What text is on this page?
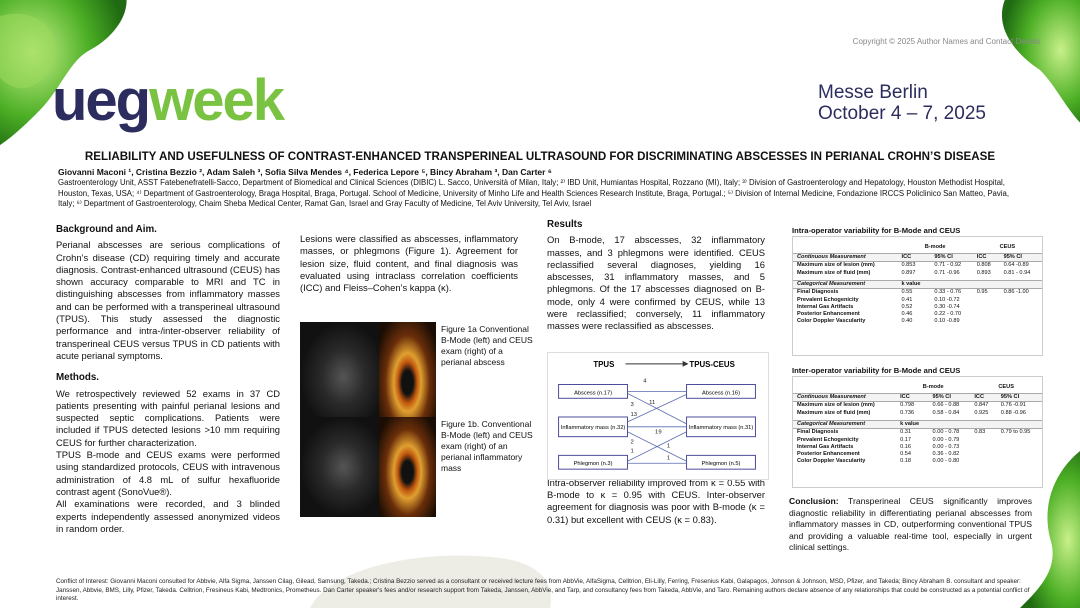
Copyright © 2025 Author Names and Contact Details
uegweek	Messe Berlin
October 4 – 7, 2025
RELIABILITY AND USEFULNESS OF CONTRAST-ENHANCED TRANSPERINEAL ULTRASOUND FOR DISCRIMINATING ABSCESSES IN PERIANAL CROHN’S DISEASE
Giovanni Maconi ¹, Cristina Bezzio ², Adam Saleh ³, Sofia Silva Mendes ⁴, Federica Lepore ⁵, Bincy Abraham ³, Dan Carter ⁶
Gastroenterology Unit, ASST Fatebenefratelli-Sacco, Department of Biomedical and Clinical Sciences (DIBIC) L. Sacco, Università of Milan, Italy; ²⁾ IBD Unit, Humiantas Hospital, Rozzano (MI), Italy; ³⁾ Division of Gastroenterology and Hepatology, Houston Methodist Hospital, Houston, Texas, USA; ⁴⁾ Department of Gastroenterology, Braga Hospital, Braga, Portugal. School of Medicine, University of Minho Life and Health Sciences Research Institute, Braga, Portugal.; ⁵⁾ Division of Internal Medicine, Fondazione IRCCS Policlinico San Matteo, Pavia, Italy; ⁶⁾ Department of Gastroenterology, Chaim Sheba Medical Center, Ramat Gan, Israel and Gray Faculty of Medicine, Tel Aviv University, Tel Aviv, Israel
Background and Aim.

Perianal abscesses are serious complications of Crohn’s disease (CD) requiring timely and accurate diagnosis. Contrast-enhanced ultrasound (CEUS) has shown accuracy comparable to MRI and TC in distinguishing abscesses from inflammatory masses and can be performed with a transperineal ultrasound (TPUS). This study assessed the diagnostic performance and intra-/inter-observer reliability of transperineal CEUS versus TPUS in CD patients with acute perianal symptoms.

Methods.

We retrospectively reviewed 52 exams in 37 CD patients presenting with painful perianal lesions and suspected septic complications. Patients were included if TPUS detected lesions >10 mm requiring CEUS for further characterization.

TPUS B-mode and CEUS exams were performed using standardized protocols, CEUS with intravenous administration of 4.8 mL of sulfur hexafluoride contrast agent (SonoVue®).

All examinations were recorded, and 3 blinded experts independently assessed anonymized videos in random order.

Lesions were classified as abscesses, inflammatory masses, or phlegmons (Figure 1). Agreement for lesion size, fluid content, and final diagnosis was evaluated using intraclass correlation coefficients (ICC) and Fleiss–Cohen’s kappa (κ).

Figure 1a Conventional B-Mode (left) and CEUS exam (right) of a perianal abscess
Figure 1b. Conventional B-Mode (left) and CEUS exam (right) of an perianal inflammatory mass
Results

On B-mode, 17 abscesses, 32 inflammatory masses, and 3 phlegmons were identified. CEUS reclassified several diagnoses, yielding 16 abscesses, 31 inflammatory masses, and 5 phlegmons. Of the 17 abscesses diagnosed on B-mode, only 4 were confirmed by CEUS, while 13 were reclassified; conversely, 11 inflammatory masses were reclassified as abscesses.

Intra-observer reliability improved from κ = 0.55 with B-mode to κ = 0.95 with CEUS. Inter-observer agreement for diagnosis was poor with B-mode (κ = 0.31) but excellent with CEUS (κ = 0.83).

TPUS	TPUS-CEUS
Abscess (n.17)
Inflammatory mass (n.32)
Phlegmon (n.3)
Abscess (n.16)
Inflammatory mass (n.31)
Phlegmon (n.5)
4
11
3
13
19
2
1
1
1
Intra-operator variability for B-Mode and CEUS
	B-mode		CEUS	
Continuous Measurement	ICC	95% CI	ICC	95% CI
Maximum size of lesion (mm)	0.853	0.71 - 0.92	0.808	0.64 -0.89
Maximum size of fluid (mm)	0.897	0.71 -0.96	0.893	0.81 - 0.94

Categorical Measurement	k value			
Final Diagnosis	0.55	0.33 - 0.76	0.95	0.86 -1.00
Prevalent Echogenicity	0.41	0.10 -0.72		
Internal Gas Artifacts	0.52	0.30 -0.74		
Posterior Enhancement	0.46	0.22 - 0.70		
Color Doppler Vascularity	0.40	0.10 -0.89		
Inter-operator variability for B-Mode and CEUS
	B-mode		CEUS	
Continuous Measurement	ICC	95% CI	ICC	95% CI
Maximum size of lesion (mm)	0.798	0.66 - 0.88	0.847	0.76 -0.91
Maximum size of fluid (mm)	0.736	0.58 - 0.84	0.925	0.88 -0.96

Categorical Measurement	k value			
Final Diagnosis	0.31	0.00 - 0.78	0.83	0.79 to 0.95
Prevalent Echogenicity	0.17	0.00 - 0.79		
Internal Gas Artifacts	0.16	0.00 - 0.73		
Posterior Enhancement	0.54	0.36 - 0.82		
Color Doppler Vascularity	0.18	0.00 - 0.80		

Conclusion: Transperineal CEUS significantly improves diagnostic reliability in differentiating perianal abscesses from inflammatory masses in CD, outperforming conventional TPUS and providing a valuable real-time tool, especially in urgent clinical settings.

Conflict of Interest: Giovanni Maconi consulted for Abbvie, Alfa Sigma, Janssen Cilag, Gilead, Samsung, Takeda.; Cristina Bezzio served as a consultant or received lecture fees from AbbVie, AlfaSigma, Celltrion, Eli-Lilly, Ferring, Fresenius Kabi, Galapagos, Johnson & Johnson, MSD, Pfizer, and Takeda; Bincy Abraham B. consultant and speaker: Janssen, Abbvie, BMS, Lilly, Pfizer, Takeda. Celltrion, Fresineus Kabi, Medtronics, Prometheus. Dan Carter speaker's fees and/or research support from Takeda, Janssen, AbbVie, and Tarp, and consultancy fees from Takeda, AbbVie, and Taro. Remaining authors declare absence of any relationships that could be constructed as a potential conflict of interest.
